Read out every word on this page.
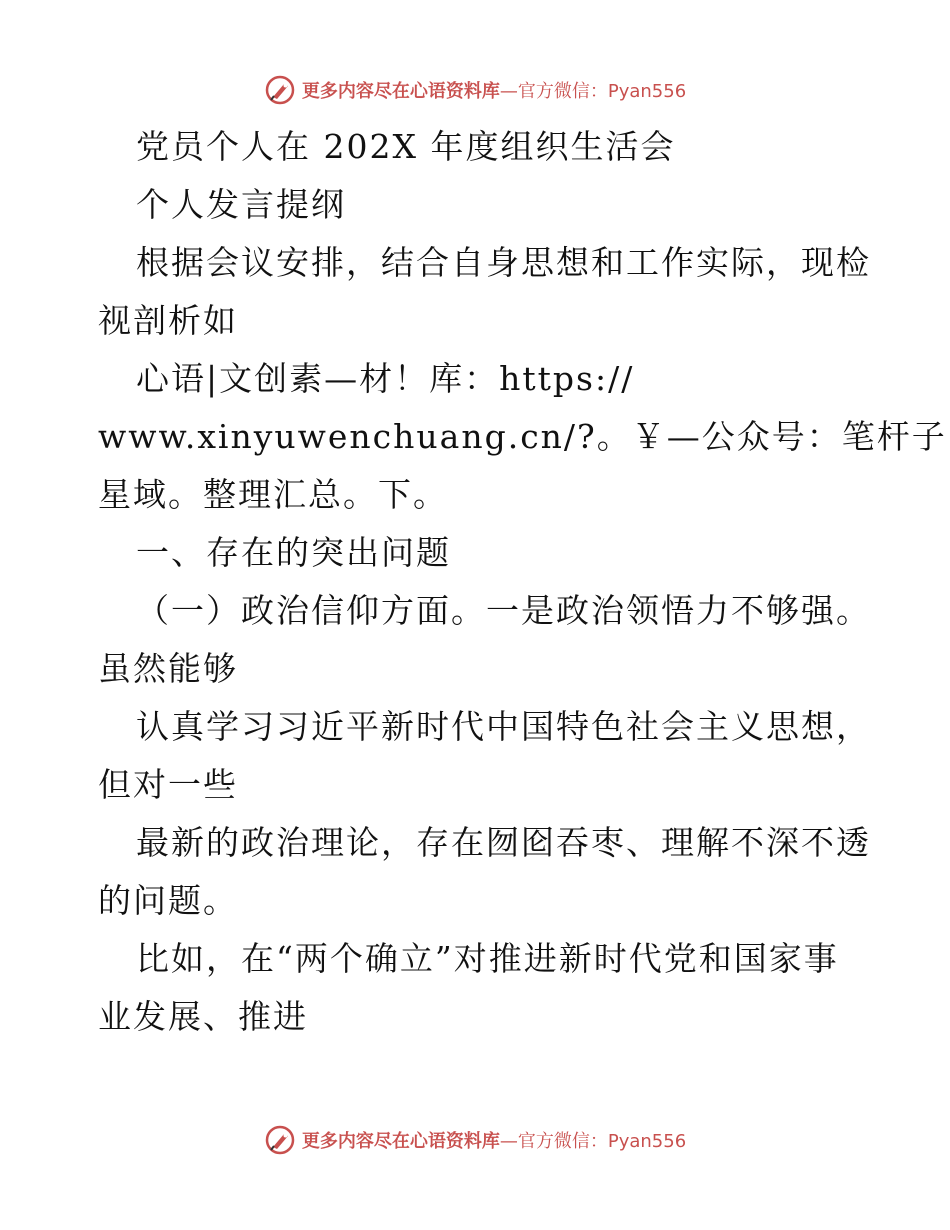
更多内容尽在心语资料库—官方微信：Pyan556
党员个人在 202X 年度组织生活会
个人发言提纲
根据会议安排，结合自身思想和工作实际，现检
视剖析如
心语|文创素—材！库：https://
www.xinyuwenchuang.cn/?。￥—公众号：笔杆子
星域。整理汇总。下。
一、存在的突出问题
（一）政治信仰方面。一是政治领悟力不够强。
虽然能够
认真学习习近平新时代中国特色社会主义思想，
但对一些
最新的政治理论，存在囫囵吞枣、理解不深不透
的问题。
比如，在“两个确立”对推进新时代党和国家事
业发展、推进
更多内容尽在心语资料库—官方微信：Pyan556
